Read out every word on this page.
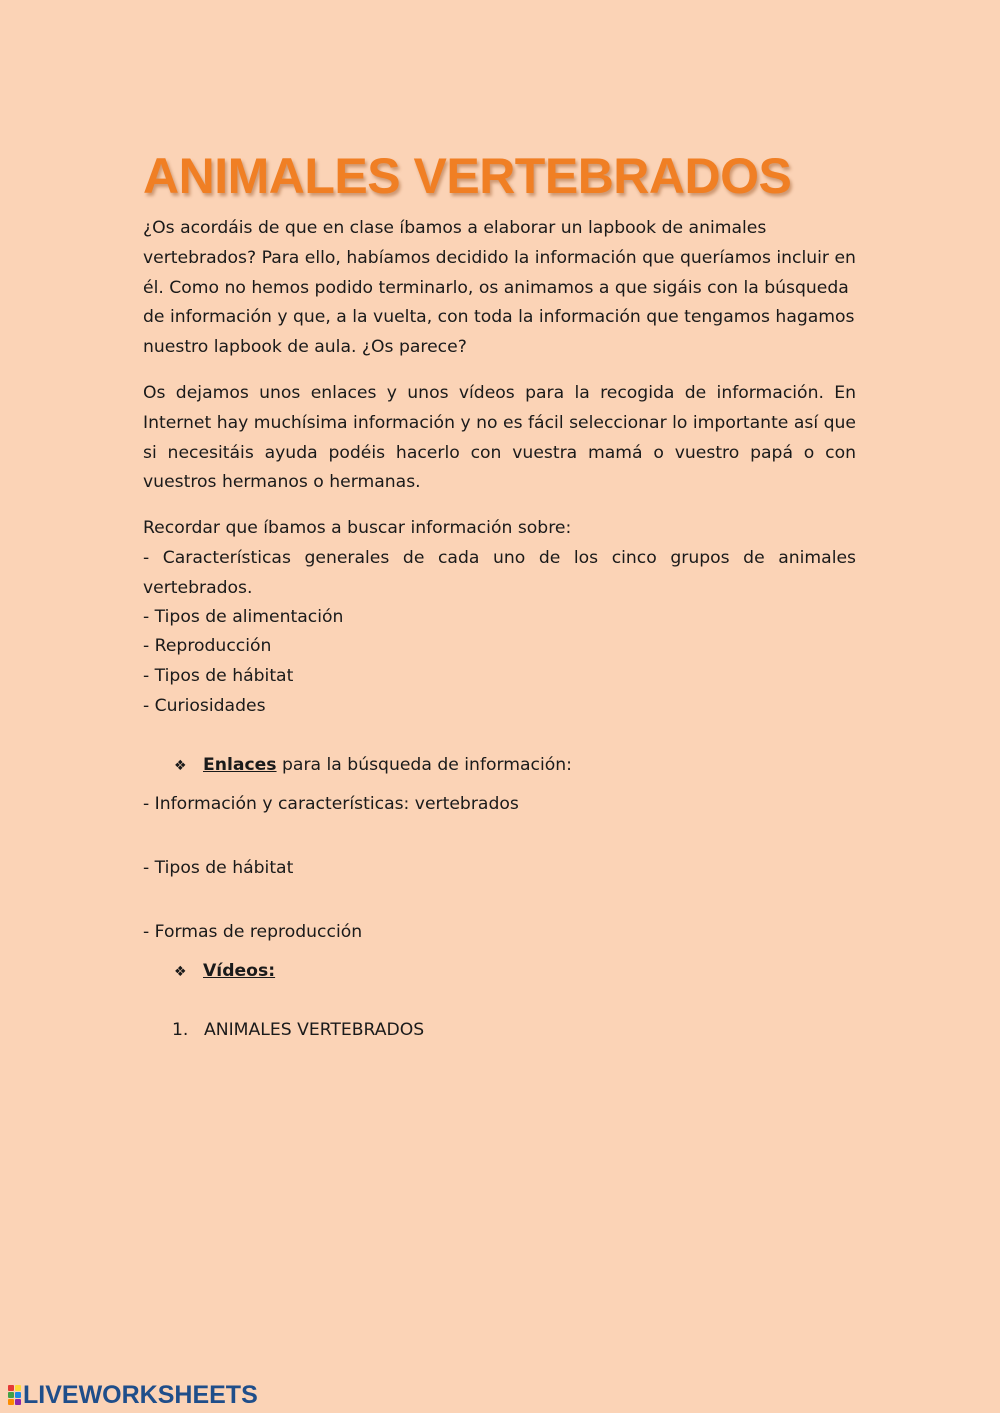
ANIMALES VERTEBRADOS

¿Os acordáis de que en clase íbamos a elaborar un lapbook de animales vertebrados? Para ello, habíamos decidido la información que queríamos incluir en él. Como no hemos podido terminarlo, os animamos a que sigáis con la búsqueda de información y que, a la vuelta, con toda la información que tengamos hagamos nuestro lapbook de aula. ¿Os parece?

Os dejamos unos enlaces y unos vídeos para la recogida de información. En Internet hay muchísima información y no es fácil seleccionar lo importante así que si necesitáis ayuda podéis hacerlo con vuestra mamá o vuestro papá o con vuestros hermanos o hermanas.

Recordar que íbamos a buscar información sobre:

- Características generales de cada uno de los cinco grupos de animales vertebrados.

- Tipos de alimentación

- Reproducción

- Tipos de hábitat

- Curiosidades

❖ Enlaces para la búsqueda de información:

- Información y características: vertebrados

- Tipos de hábitat

- Formas de reproducción

❖ Vídeos:
1. ANIMALES VERTEBRADOS
LIVEWORKSHEETS
